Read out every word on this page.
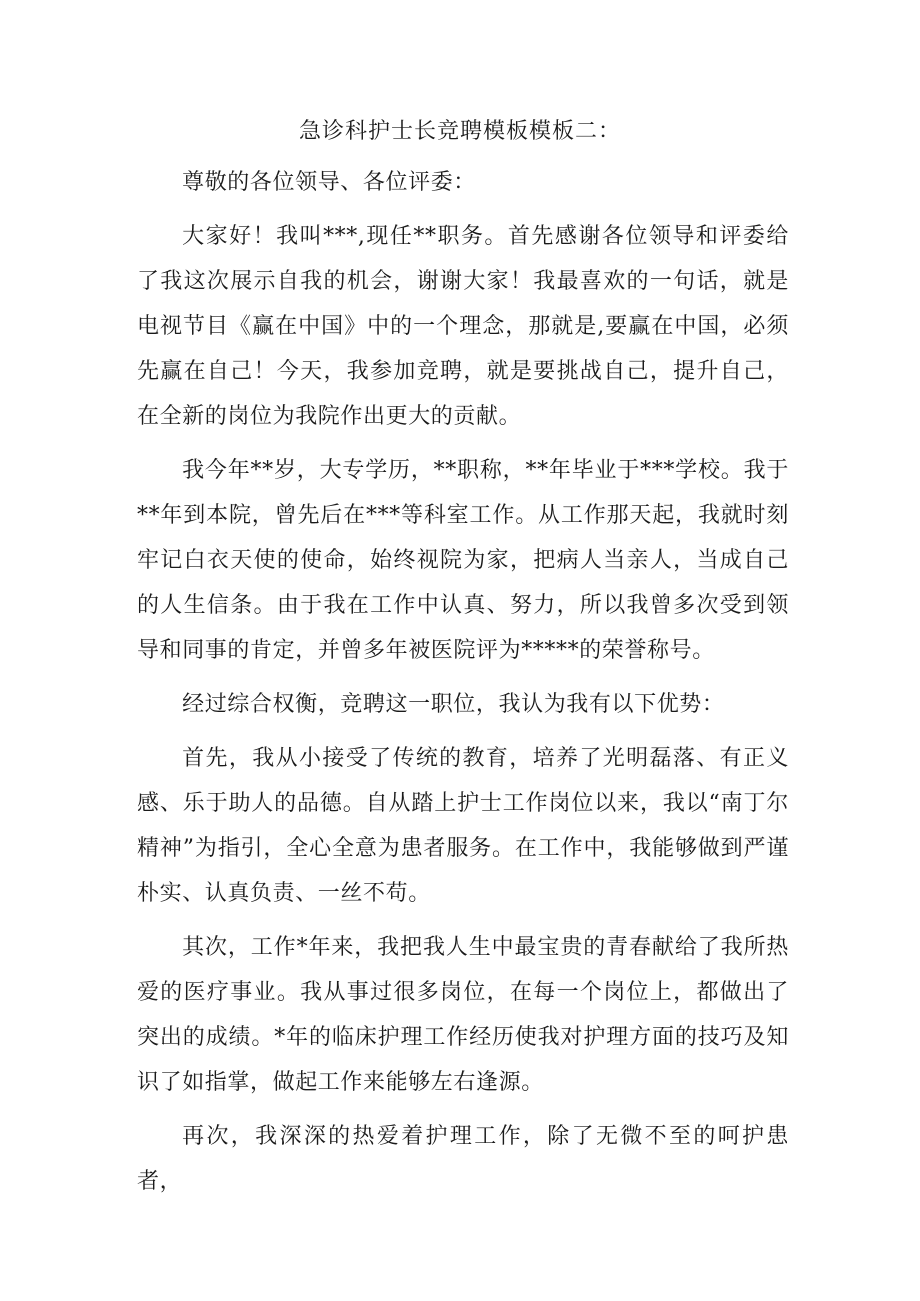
急诊科护士长竞聘模板模板二：

尊敬的各位领导、各位评委：

大家好！我叫***,现任**职务。首先感谢各位领导和评委给了我这次展示自我的机会，谢谢大家！我最喜欢的一句话，就是电视节目《赢在中国》中的一个理念，那就是,要赢在中国，必须先赢在自己！今天，我参加竞聘，就是要挑战自己，提升自己，在全新的岗位为我院作出更大的贡献。

我今年**岁，大专学历，**职称，**年毕业于***学校。我于**年到本院，曾先后在***等科室工作。从工作那天起，我就时刻牢记白衣天使的使命，始终视院为家，把病人当亲人，当成自己的人生信条。由于我在工作中认真、努力，所以我曾多次受到领导和同事的肯定，并曾多年被医院评为*****的荣誉称号。

经过综合权衡，竞聘这一职位，我认为我有以下优势：

首先，我从小接受了传统的教育，培养了光明磊落、有正义感、乐于助人的品德。自从踏上护士工作岗位以来，我以“南丁尔精神”为指引，全心全意为患者服务。在工作中，我能够做到严谨朴实、认真负责、一丝不苟。

其次，工作*年来，我把我人生中最宝贵的青春献给了我所热爱的医疗事业。我从事过很多岗位，在每一个岗位上，都做出了突出的成绩。*年的临床护理工作经历使我对护理方面的技巧及知识了如指掌，做起工作来能够左右逢源。

再次，我深深的热爱着护理工作，除了无微不至的呵护患者，
